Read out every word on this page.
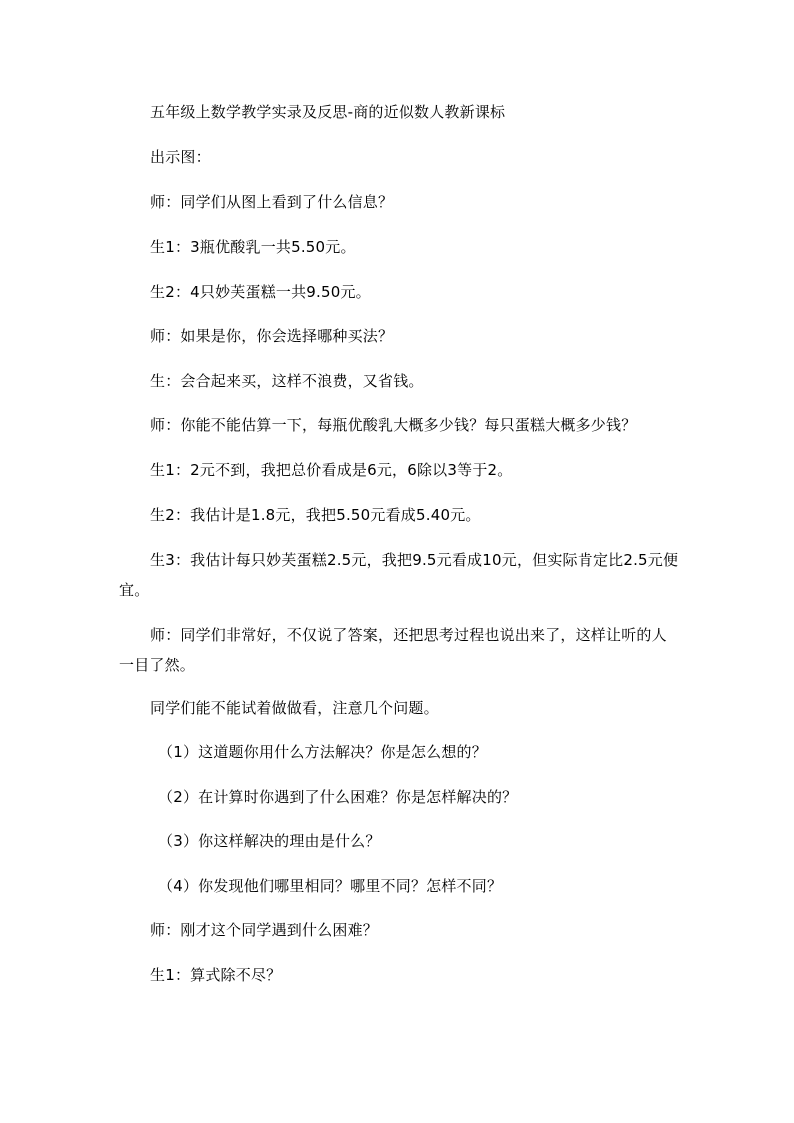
五年级上数学教学实录及反思-商的近似数人教新课标
出示图：
师：同学们从图上看到了什么信息？
生1：3瓶优酸乳一共5.50元。
生2：4只妙芙蛋糕一共9.50元。
师：如果是你，你会选择哪种买法？
生：会合起来买，这样不浪费，又省钱。
师：你能不能估算一下，每瓶优酸乳大概多少钱？每只蛋糕大概多少钱？
生1：2元不到，我把总价看成是6元，6除以3等于2。
生2：我估计是1.8元，我把5.50元看成5.40元。
生3：我估计每只妙芙蛋糕2.5元，我把9.5元看成10元，但实际肯定比2.5元便宜。
师：同学们非常好，不仅说了答案，还把思考过程也说出来了，这样让听的人一目了然。
同学们能不能试着做做看，注意几个问题。
（1）这道题你用什么方法解决？你是怎么想的？
（2）在计算时你遇到了什么困难？你是怎样解决的？
（3）你这样解决的理由是什么？
（4）你发现他们哪里相同？哪里不同？怎样不同？
师：刚才这个同学遇到什么困难？
生1：算式除不尽？
